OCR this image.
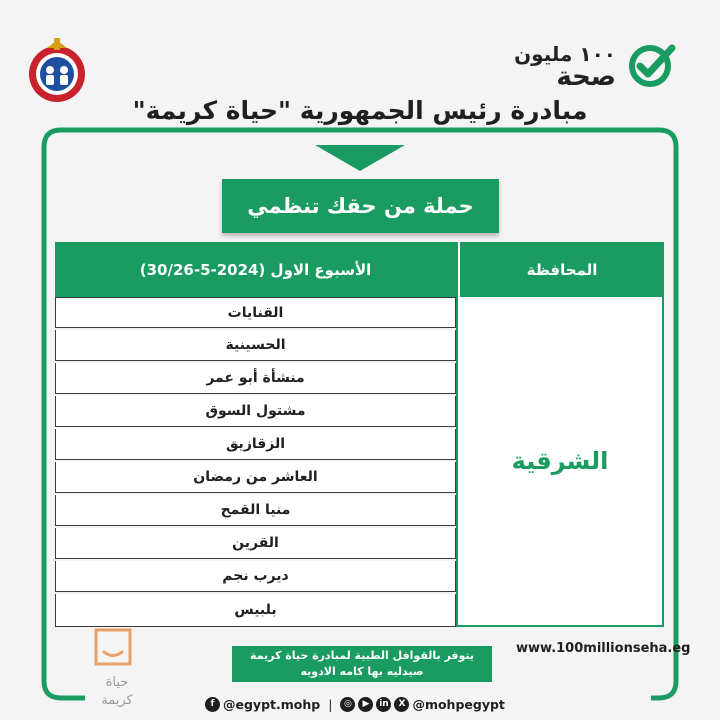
١٠٠ مليون
صحة
مبادرة رئيس الجمهورية "حياة كريمة"
حملة من حقك تنظمي
الأسبوع الاول (2024-5-30/26)	المحافظة
القنايات
الحسينية
منشأة أبو عمر
مشتول السوق
الزقازيق
العاشر من رمضان
منيا القمح
القرين
ديرب نجم
بلبيس
الشرقية
حياة
كريمة
يتوفر بالقوافل الطبية لمبادرة حياة كريمة
صيدليه بها كامه الادويه
www.100millionseha.eg
f @egypt.mohp |	◎	▶	in	X @mohpegypt
